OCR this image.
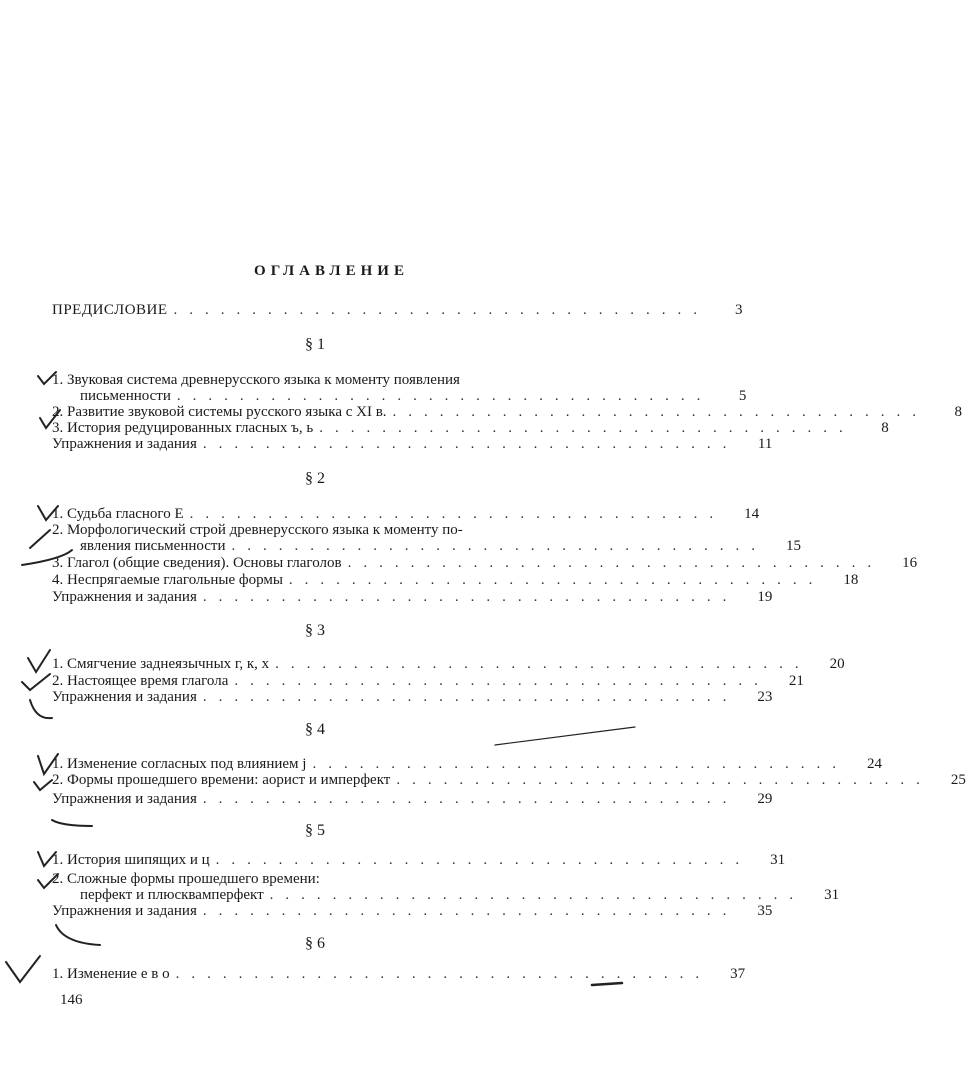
ОГЛАВЛЕНИЕ
ПРЕДИСЛОВИЕ ..................................	3
§ 1
1. Звуковая система древнерусского языка к моменту появления
письменности ..................................	5
2. Развитие звуковой системы русского языка с XI в. ..................................	8
3. История редуцированных гласных ъ, ь ..................................	8
Упражнения и задания ..................................	11
§ 2
1. Судьба гласного Е ..................................	14
2. Морфологический строй древнерусского языка к моменту по-
явления письменности ..................................	15
3. Глагол (общие сведения). Основы глаголов ..................................	16
4. Неспрягаемые глагольные формы ..................................	18
Упражнения и задания ..................................	19
§ 3
1. Смягчение заднеязычных г, к, х ..................................	20
2. Настоящее время глагола ..................................	21
Упражнения и задания ..................................	23
§ 4
1. Изменение согласных под влиянием j ..................................	24
2. Формы прошедшего времени: аорист и имперфект ..................................	25
Упражнения и задания ..................................	29
§ 5
1. История шипящих и ц ..................................	31
2. Сложные формы прошедшего времени:
перфект и плюсквамперфект ..................................	31
Упражнения и задания ..................................	35
§ 6
1. Изменение е в о ..................................	37
146
